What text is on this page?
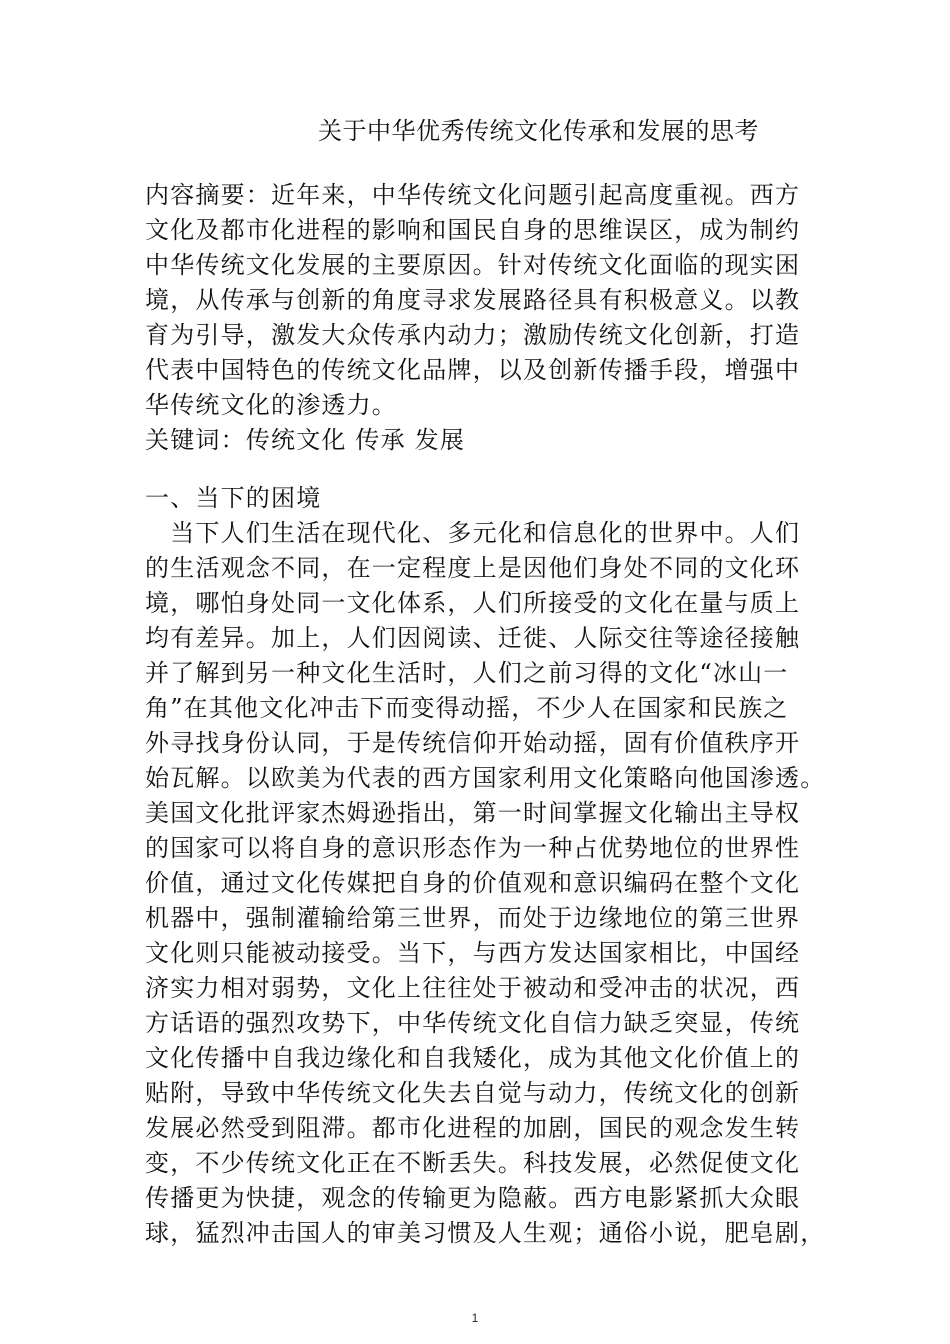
关于中华优秀传统文化传承和发展的思考
内容摘要：近年来，中华传统文化问题引起高度重视。西方
文化及都市化进程的影响和国民自身的思维误区，成为制约
中华传统文化发展的主要原因。针对传统文化面临的现实困
境，从传承与创新的角度寻求发展路径具有积极意义。以教
育为引导，激发大众传承内动力；激励传统文化创新，打造
代表中国特色的传统文化品牌，以及创新传播手段，增强中
华传统文化的渗透力。
关键词：传统文化 传承 发展
一、当下的困境
　当下人们生活在现代化、多元化和信息化的世界中。人们
的生活观念不同，在一定程度上是因他们身处不同的文化环
境，哪怕身处同一文化体系，人们所接受的文化在量与质上
均有差异。加上，人们因阅读、迁徙、人际交往等途径接触
并了解到另一种文化生活时，人们之前习得的文化“冰山一
角”在其他文化冲击下而变得动摇，不少人在国家和民族之
外寻找身份认同，于是传统信仰开始动摇，固有价值秩序开
始瓦解。以欧美为代表的西方国家利用文化策略向他国渗透。
美国文化批评家杰姆逊指出，第一时间掌握文化输出主导权
的国家可以将自身的意识形态作为一种占优势地位的世界性
价值，通过文化传媒把自身的价值观和意识编码在整个文化
机器中，强制灌输给第三世界，而处于边缘地位的第三世界
文化则只能被动接受。当下，与西方发达国家相比，中国经
济实力相对弱势，文化上往往处于被动和受冲击的状况，西
方话语的强烈攻势下，中华传统文化自信力缺乏突显，传统
文化传播中自我边缘化和自我矮化，成为其他文化价值上的
贴附，导致中华传统文化失去自觉与动力，传统文化的创新
发展必然受到阻滞。都市化进程的加剧，国民的观念发生转
变，不少传统文化正在不断丢失。科技发展，必然促使文化
传播更为快捷，观念的传输更为隐蔽。西方电影紧抓大众眼
球，猛烈冲击国人的审美习惯及人生观；通俗小说，肥皂剧，
1
